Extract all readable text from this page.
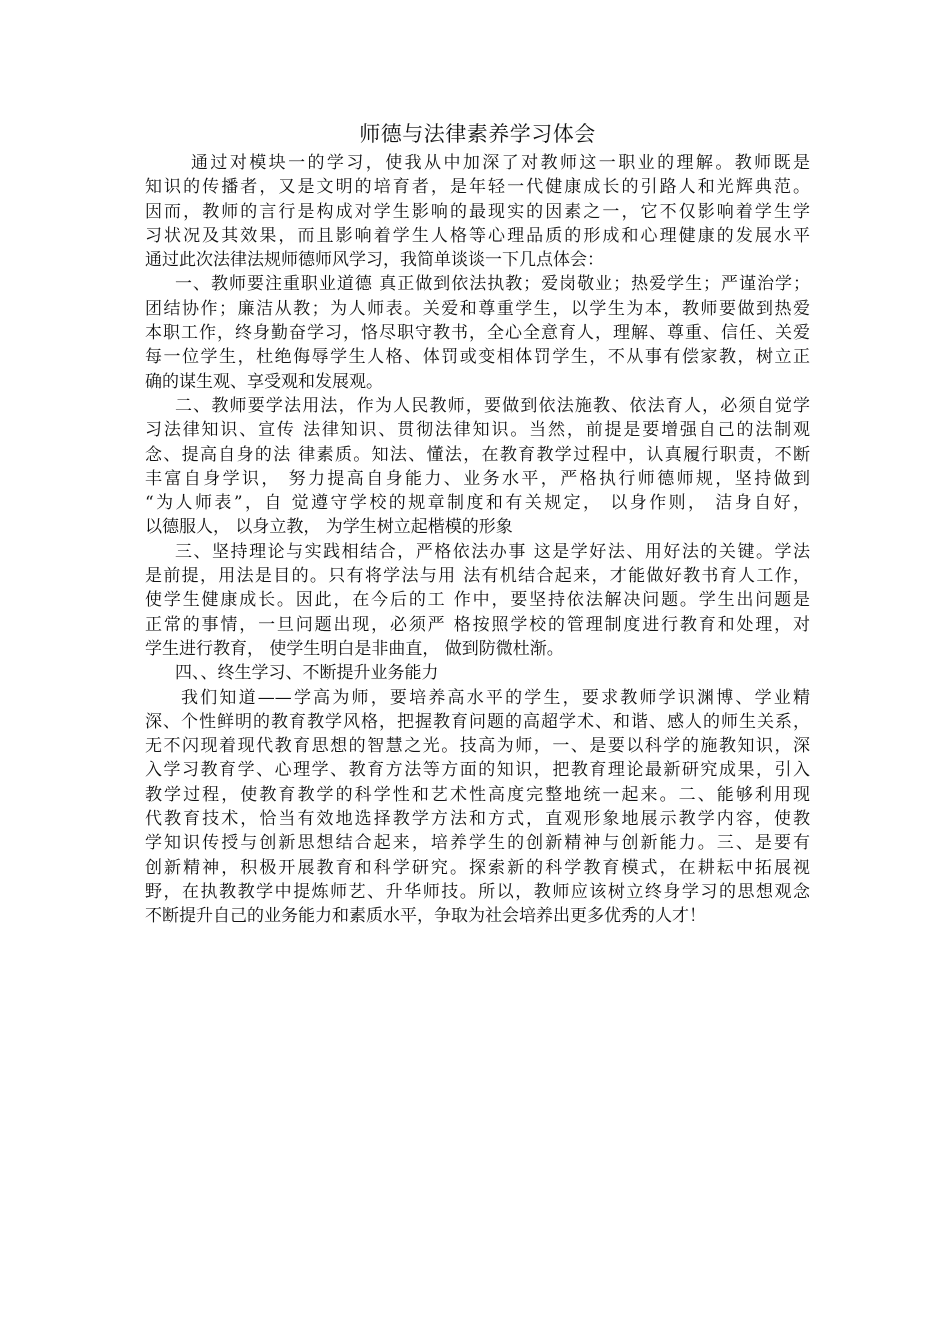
师德与法律素养学习体会
通过对模块一的学习，使我从中加深了对教师这一职业的理解。教师既是
知识的传播者，又是文明的培育者，是年轻一代健康成长的引路人和光辉典范。
因而，教师的言行是构成对学生影响的最现实的因素之一，它不仅影响着学生学
习状况及其效果，而且影响着学生人格等心理品质的形成和心理健康的发展水平
通过此次法律法规师德师风学习，我简单谈谈一下几点体会：
一、教师要注重职业道德 真正做到依法执教；爱岗敬业；热爱学生；严谨治学；
团结协作；廉洁从教；为人师表。关爱和尊重学生，以学生为本，教师要做到热爱
本职工作，终身勤奋学习，恪尽职守教书，全心全意育人，理解、尊重、信任、关爱
每一位学生，杜绝侮辱学生人格、体罚或变相体罚学生，不从事有偿家教，树立正
确的谋生观、享受观和发展观。
二、教师要学法用法，作为人民教师，要做到依法施教、依法育人，必须自觉学
习法律知识、宣传 法律知识、贯彻法律知识。当然，前提是要增强自己的法制观
念、提高自身的法 律素质。知法、懂法，在教育教学过程中，认真履行职责，不断
丰富自身学识， 努力提高自身能力、业务水平，严格执行师德师规，坚持做到
“为人师表”，自 觉遵守学校的规章制度和有关规定， 以身作则， 洁身自好，
以德服人， 以身立教， 为学生树立起楷模的形象
三、坚持理论与实践相结合，严格依法办事 这是学好法、用好法的关键。学法
是前提，用法是目的。只有将学法与用 法有机结合起来，才能做好教书育人工作，
使学生健康成长。因此，在今后的工 作中，要坚持依法解决问题。学生出问题是
正常的事情，一旦问题出现，必须严 格按照学校的管理制度进行教育和处理，对
学生进行教育， 使学生明白是非曲直， 做到防微杜渐。
四、、终生学习、不断提升业务能力
我们知道——学高为师，要培养高水平的学生，要求教师学识渊博、学业精
深、个性鲜明的教育教学风格，把握教育问题的高超学术、和谐、感人的师生关系，
无不闪现着现代教育思想的智慧之光。技高为师，一、是要以科学的施教知识，深
入学习教育学、心理学、教育方法等方面的知识，把教育理论最新研究成果，引入
教学过程，使教育教学的科学性和艺术性高度完整地统一起来。二、能够利用现
代教育技术，恰当有效地选择教学方法和方式，直观形象地展示教学内容，使教
学知识传授与创新思想结合起来，培养学生的创新精神与创新能力。三、是要有
创新精神，积极开展教育和科学研究。探索新的科学教育模式，在耕耘中拓展视
野，在执教教学中提炼师艺、升华师技。所以，教师应该树立终身学习的思想观念
不断提升自己的业务能力和素质水平，争取为社会培养出更多优秀的人才！
